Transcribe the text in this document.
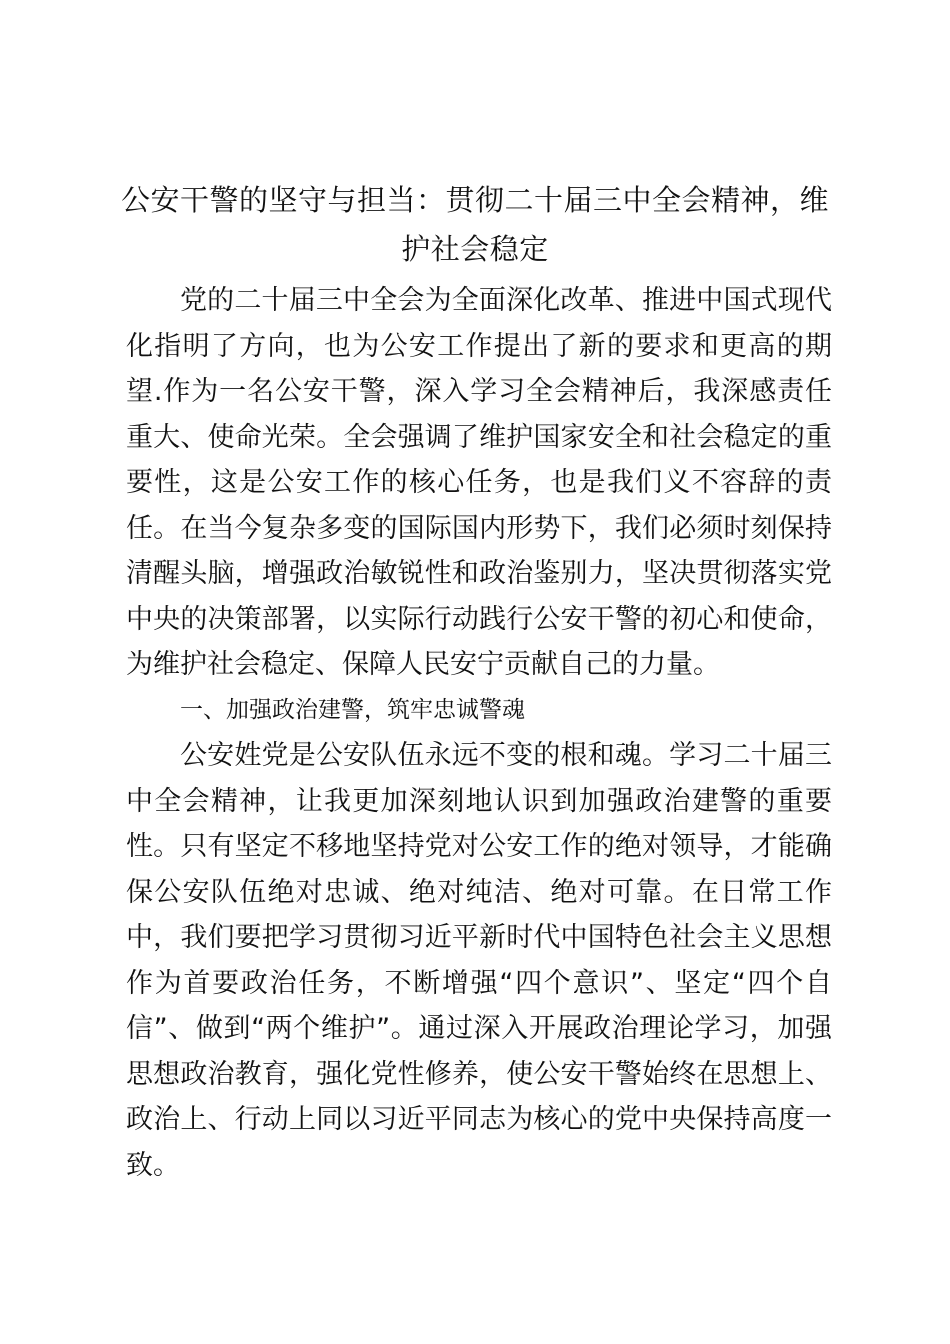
公安干警的坚守与担当：贯彻二十届三中全会精神，维护社会稳定

党的二十届三中全会为全面深化改革、推进中国式现代化指明了方向，也为公安工作提出了新的要求和更高的期望.作为一名公安干警，深入学习全会精神后，我深感责任重大、使命光荣。全会强调了维护国家安全和社会稳定的重要性，这是公安工作的核心任务，也是我们义不容辞的责任。在当今复杂多变的国际国内形势下，我们必须时刻保持清醒头脑，增强政治敏锐性和政治鉴别力，坚决贯彻落实党中央的决策部署，以实际行动践行公安干警的初心和使命，为维护社会稳定、保障人民安宁贡献自己的力量。

一、加强政治建警，筑牢忠诚警魂

公安姓党是公安队伍永远不变的根和魂。学习二十届三中全会精神，让我更加深刻地认识到加强政治建警的重要性。只有坚定不移地坚持党对公安工作的绝对领导，才能确保公安队伍绝对忠诚、绝对纯洁、绝对可靠。在日常工作中，我们要把学习贯彻习近平新时代中国特色社会主义思想作为首要政治任务，不断增强“四个意识”、坚定“四个自信”、做到“两个维护”。通过深入开展政治理论学习，加强思想政治教育，强化党性修养，使公安干警始终在思想上、政治上、行动上同以习近平同志为核心的党中央保持高度一致。
